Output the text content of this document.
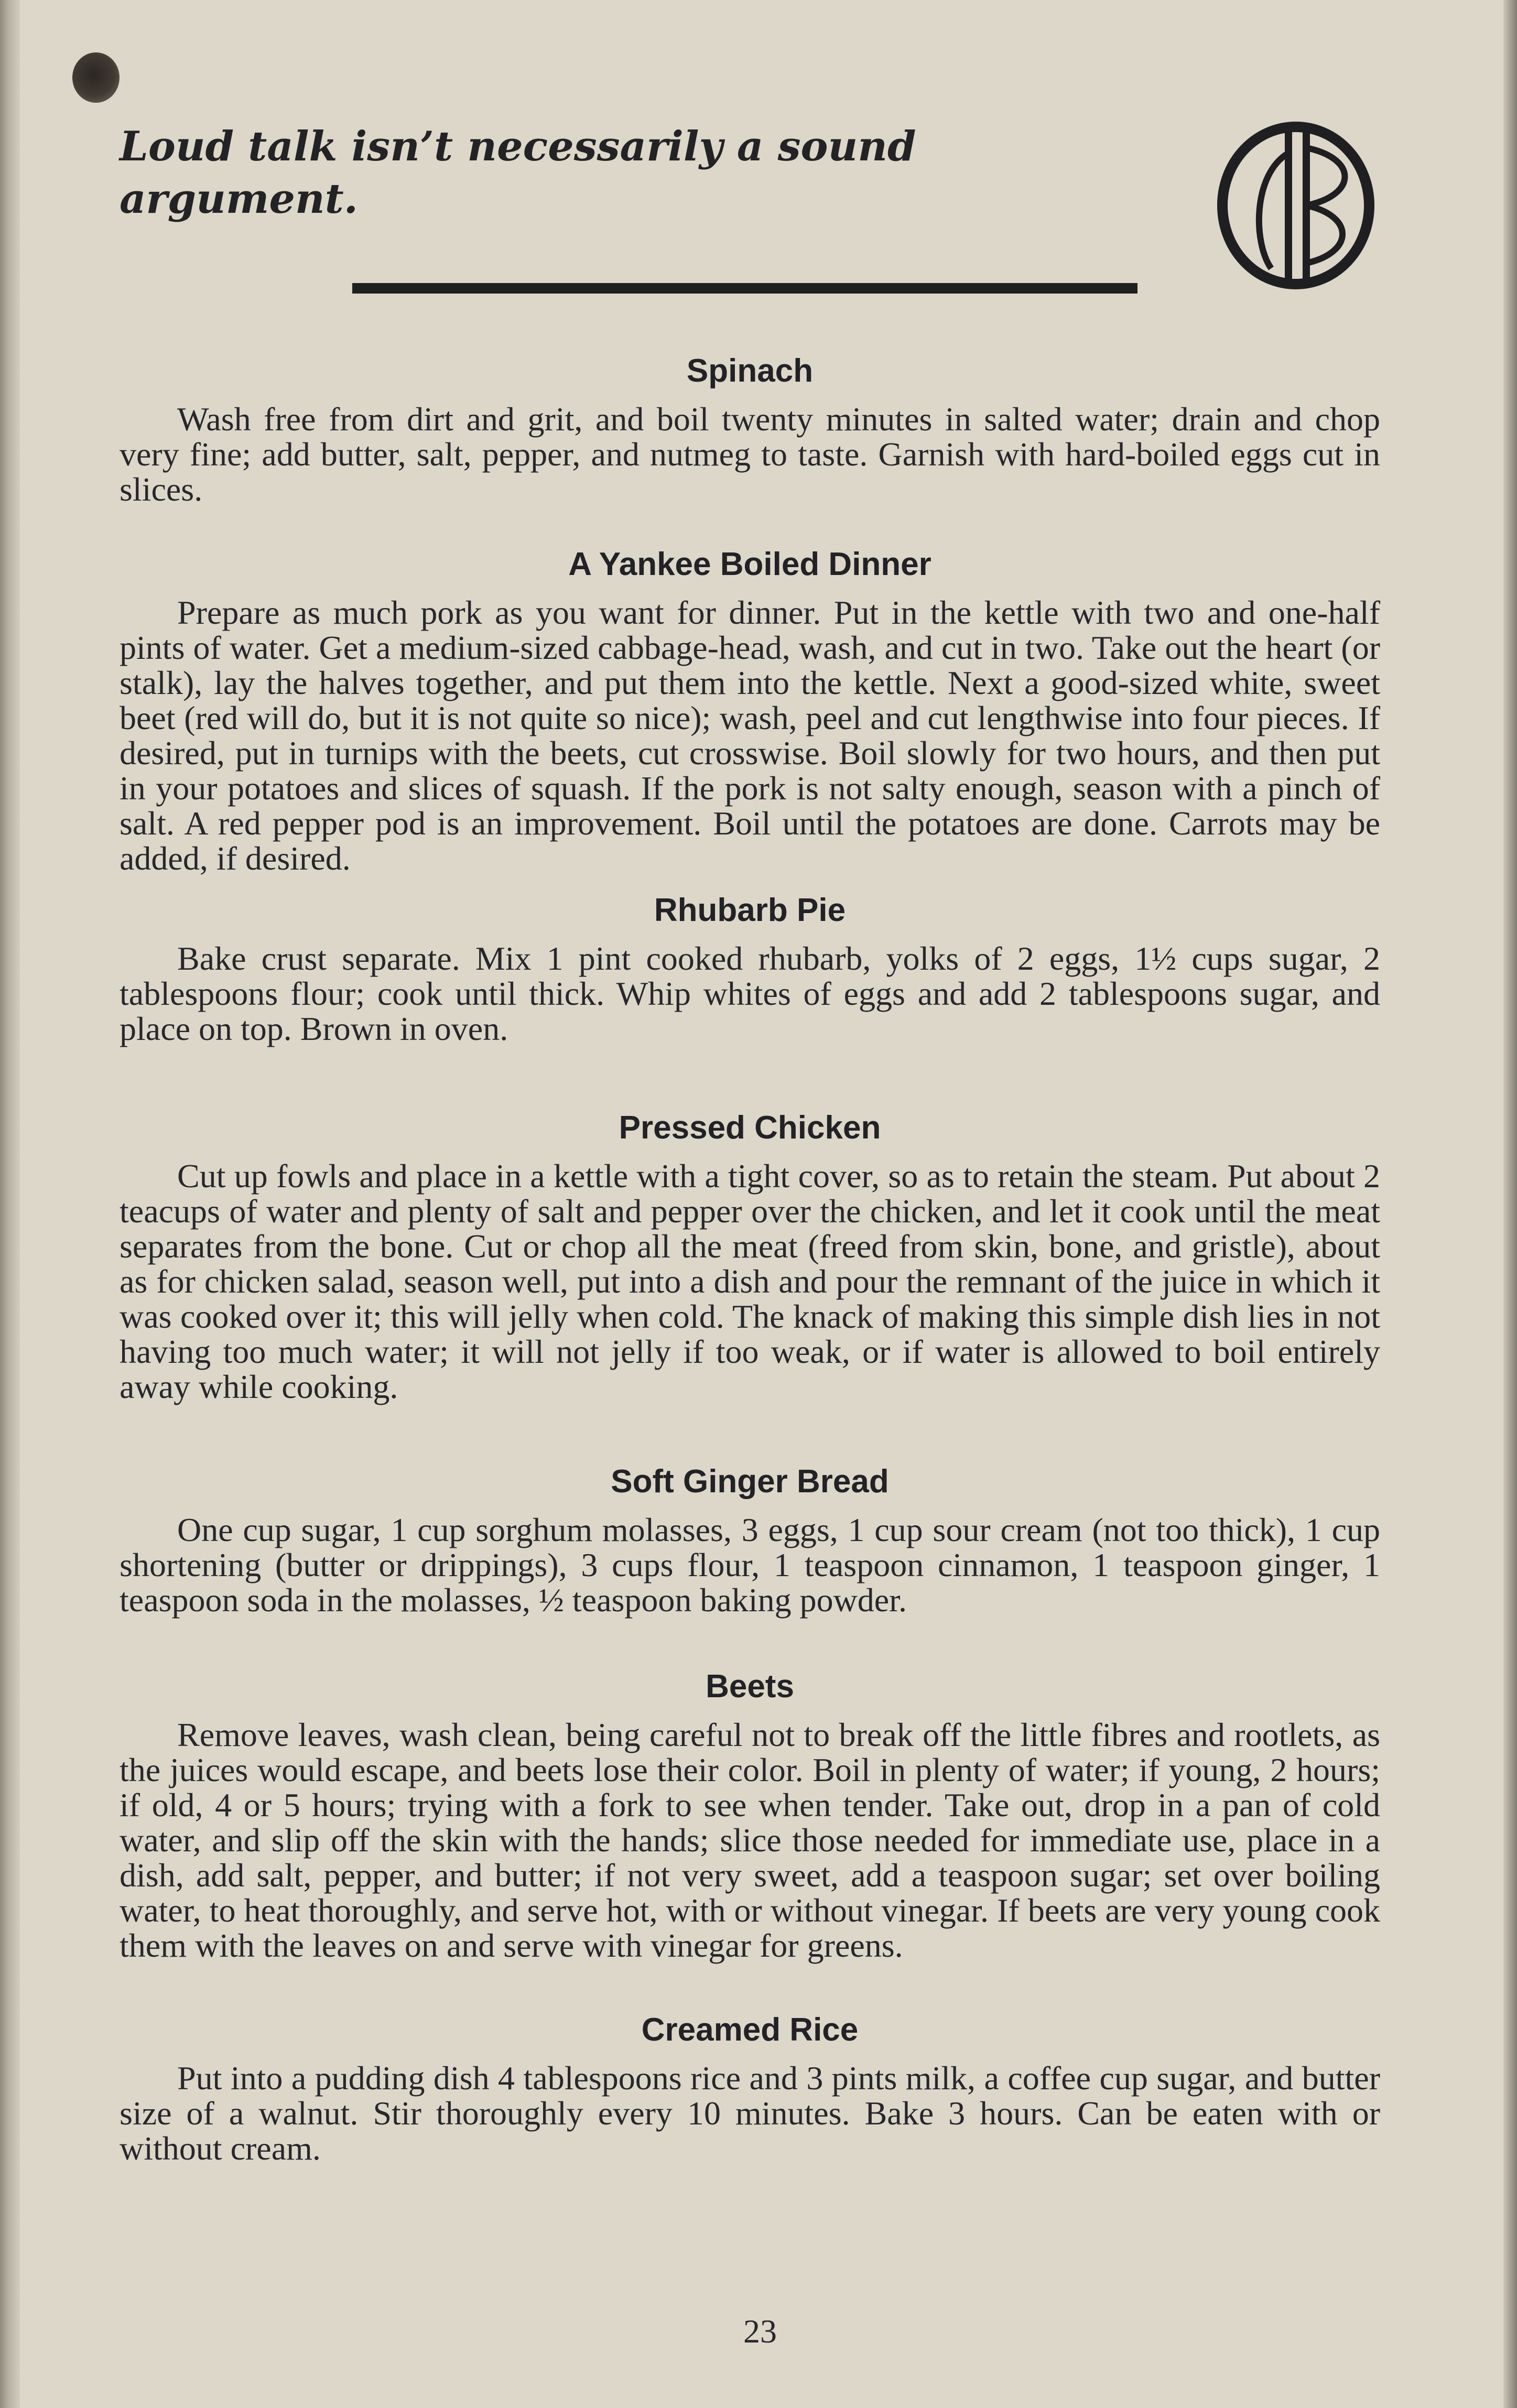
Loud talk isn’t necessarily a sound argument.

Spinach

Wash free from dirt and grit, and boil twenty minutes in salted water; drain and chop very fine; add butter, salt, pepper, and nutmeg to taste. Garnish with hard-boiled eggs cut in slices.

A Yankee Boiled Dinner

Prepare as much pork as you want for dinner. Put in the kettle with two and one-half pints of water. Get a medium-sized cabbage-head, wash, and cut in two. Take out the heart (or stalk), lay the halves together, and put them into the kettle. Next a good-sized white, sweet beet (red will do, but it is not quite so nice); wash, peel and cut lengthwise into four pieces. If desired, put in turnips with the beets, cut crosswise. Boil slowly for two hours, and then put in your potatoes and slices of squash. If the pork is not salty enough, season with a pinch of salt. A red pepper pod is an improvement. Boil until the potatoes are done. Carrots may be added, if desired.

Rhubarb Pie

Bake crust separate. Mix 1 pint cooked rhubarb, yolks of 2 eggs, 1½ cups sugar, 2 tablespoons flour; cook until thick. Whip whites of eggs and add 2 tablespoons sugar, and place on top. Brown in oven.

Pressed Chicken

Cut up fowls and place in a kettle with a tight cover, so as to retain the steam. Put about 2 teacups of water and plenty of salt and pepper over the chicken, and let it cook until the meat separates from the bone. Cut or chop all the meat (freed from skin, bone, and gristle), about as for chicken salad, season well, put into a dish and pour the remnant of the juice in which it was cooked over it; this will jelly when cold. The knack of making this simple dish lies in not having too much water; it will not jelly if too weak, or if water is allowed to boil entirely away while cooking.

Soft Ginger Bread

One cup sugar, 1 cup sorghum molasses, 3 eggs, 1 cup sour cream (not too thick), 1 cup shortening (butter or drippings), 3 cups flour, 1 teaspoon cinnamon, 1 teaspoon ginger, 1 teaspoon soda in the molasses, ½ teaspoon baking powder.

Beets

Remove leaves, wash clean, being careful not to break off the little fibres and rootlets, as the juices would escape, and beets lose their color. Boil in plenty of water; if young, 2 hours; if old, 4 or 5 hours; trying with a fork to see when tender. Take out, drop in a pan of cold water, and slip off the skin with the hands; slice those needed for immediate use, place in a dish, add salt, pepper, and butter; if not very sweet, add a teaspoon sugar; set over boiling water, to heat thoroughly, and serve hot, with or without vinegar. If beets are very young cook them with the leaves on and serve with vinegar for greens.

Creamed Rice

Put into a pudding dish 4 tablespoons rice and 3 pints milk, a coffee cup sugar, and butter size of a walnut. Stir thoroughly every 10 minutes. Bake 3 hours. Can be eaten with or without cream.

23
